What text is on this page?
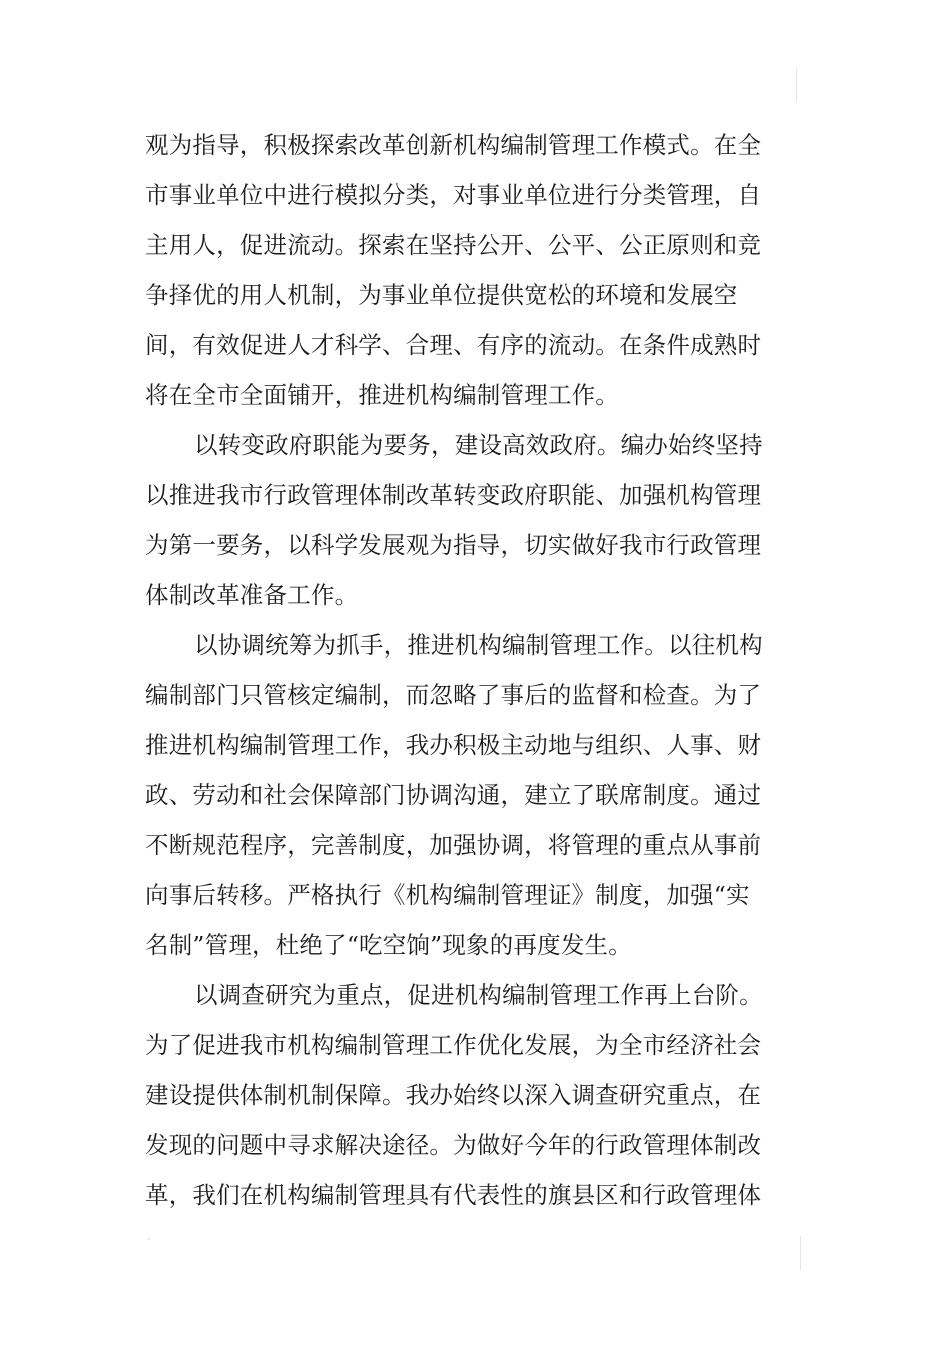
观为指导，积极探索改革创新机构编制管理工作模式。在全
市事业单位中进行模拟分类，对事业单位进行分类管理，自
主用人，促进流动。探索在坚持公开、公平、公正原则和竞
争择优的用人机制，为事业单位提供宽松的环境和发展空
间，有效促进人才科学、合理、有序的流动。在条件成熟时
将在全市全面铺开，推进机构编制管理工作。
以转变政府职能为要务，建设高效政府。编办始终坚持
以推进我市行政管理体制改革转变政府职能、加强机构管理
为第一要务，以科学发展观为指导，切实做好我市行政管理
体制改革准备工作。
以协调统筹为抓手，推进机构编制管理工作。以往机构
编制部门只管核定编制，而忽略了事后的监督和检查。为了
推进机构编制管理工作，我办积极主动地与组织、人事、财
政、劳动和社会保障部门协调沟通，建立了联席制度。通过
不断规范程序，完善制度，加强协调，将管理的重点从事前
向事后转移。严格执行《机构编制管理证》制度，加强“实
名制”管理，杜绝了“吃空饷”现象的再度发生。
以调查研究为重点，促进机构编制管理工作再上台阶。
为了促进我市机构编制管理工作优化发展，为全市经济社会
建设提供体制机制保障。我办始终以深入调查研究重点，在
发现的问题中寻求解决途径。为做好今年的行政管理体制改
革，我们在机构编制管理具有代表性的旗县区和行政管理体
